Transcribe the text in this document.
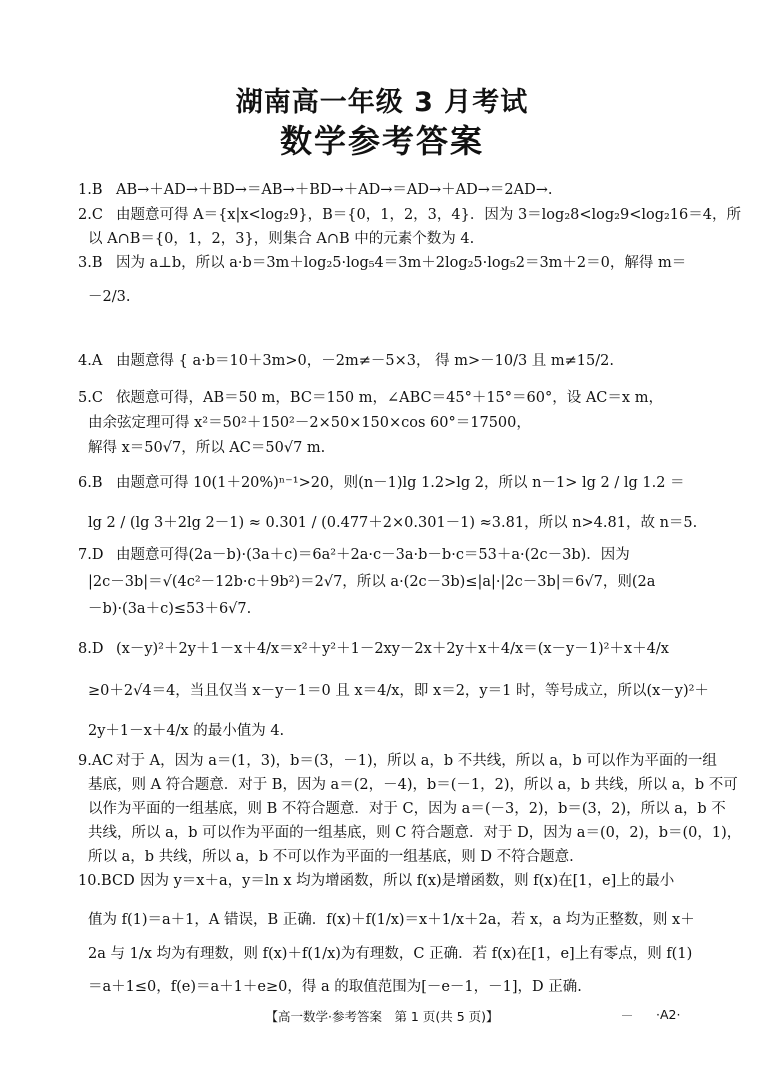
湖南高一年级 3 月考试
数学参考答案
1.B AB→＋AD→＋BD→＝AB→＋BD→＋AD→＝AD→＋AD→＝2AD→.
2.C 由题意可得 A＝{x|x<log₂9}，B＝{0，1，2，3，4}．因为 3＝log₂8<log₂9<log₂16＝4，所
以 A∩B＝{0，1，2，3}，则集合 A∩B 中的元素个数为 4.
3.B 因为 a⊥b，所以 a·b＝3m＋log₂5·log₅4＝3m＋2log₂5·log₅2＝3m＋2＝0，解得 m＝
－2/3.
4.A 由题意得 { a·b＝10＋3m>0，－2m≠－5×3， 得 m>－10/3 且 m≠15/2.
5.C 依题意可得，AB＝50 m，BC＝150 m，∠ABC＝45°＋15°＝60°，设 AC＝x m，
由余弦定理可得 x²＝50²＋150²－2×50×150×cos 60°＝17500，
解得 x＝50√7，所以 AC＝50√7 m.
6.B 由题意可得 10(1＋20%)ⁿ⁻¹>20，则(n－1)lg 1.2>lg 2，所以 n－1> lg 2 / lg 1.2 ＝
lg 2 / (lg 3＋2lg 2－1) ≈ 0.301 / (0.477＋2×0.301－1) ≈3.81，所以 n>4.81，故 n＝5.
7.D 由题意可得(2a－b)·(3a＋c)＝6a²＋2a·c－3a·b－b·c＝53＋a·(2c－3b)．因为
|2c－3b|＝√(4c²－12b·c＋9b²)＝2√7，所以 a·(2c－3b)≤|a|·|2c－3b|＝6√7，则(2a
－b)·(3a＋c)≤53＋6√7.
8.D (x－y)²＋2y＋1－x＋4/x＝x²＋y²＋1－2xy－2x＋2y＋x＋4/x＝(x－y－1)²＋x＋4/x
≥0＋2√4＝4，当且仅当 x－y－1＝0 且 x＝4/x，即 x＝2，y＝1 时，等号成立，所以(x－y)²＋
2y＋1－x＋4/x 的最小值为 4.
9.AC 对于 A，因为 a＝(1，3)，b＝(3，－1)，所以 a，b 不共线，所以 a，b 可以作为平面的一组
基底，则 A 符合题意．对于 B，因为 a＝(2，－4)，b＝(－1，2)，所以 a，b 共线，所以 a，b 不可
以作为平面的一组基底，则 B 不符合题意．对于 C，因为 a＝(－3，2)，b＝(3，2)，所以 a，b 不
共线，所以 a，b 可以作为平面的一组基底，则 C 符合题意．对于 D，因为 a＝(0，2)，b＝(0，1)，
所以 a，b 共线，所以 a，b 不可以作为平面的一组基底，则 D 不符合题意.
10.BCD 因为 y＝x＋a，y＝ln x 均为增函数，所以 f(x)是增函数，则 f(x)在[1，e]上的最小
值为 f(1)＝a＋1，A 错误，B 正确．f(x)＋f(1/x)＝x＋1/x＋2a，若 x，a 均为正整数，则 x＋
2a 与 1/x 均为有理数，则 f(x)＋f(1/x)为有理数，C 正确．若 f(x)在[1，e]上有零点，则 f(1)
＝a＋1≤0，f(e)＝a＋1＋e≥0，得 a 的取值范围为[－e－1，－1]，D 正确.
【高一数学·参考答案　第 1 页(共 5 页)】	·A2·
